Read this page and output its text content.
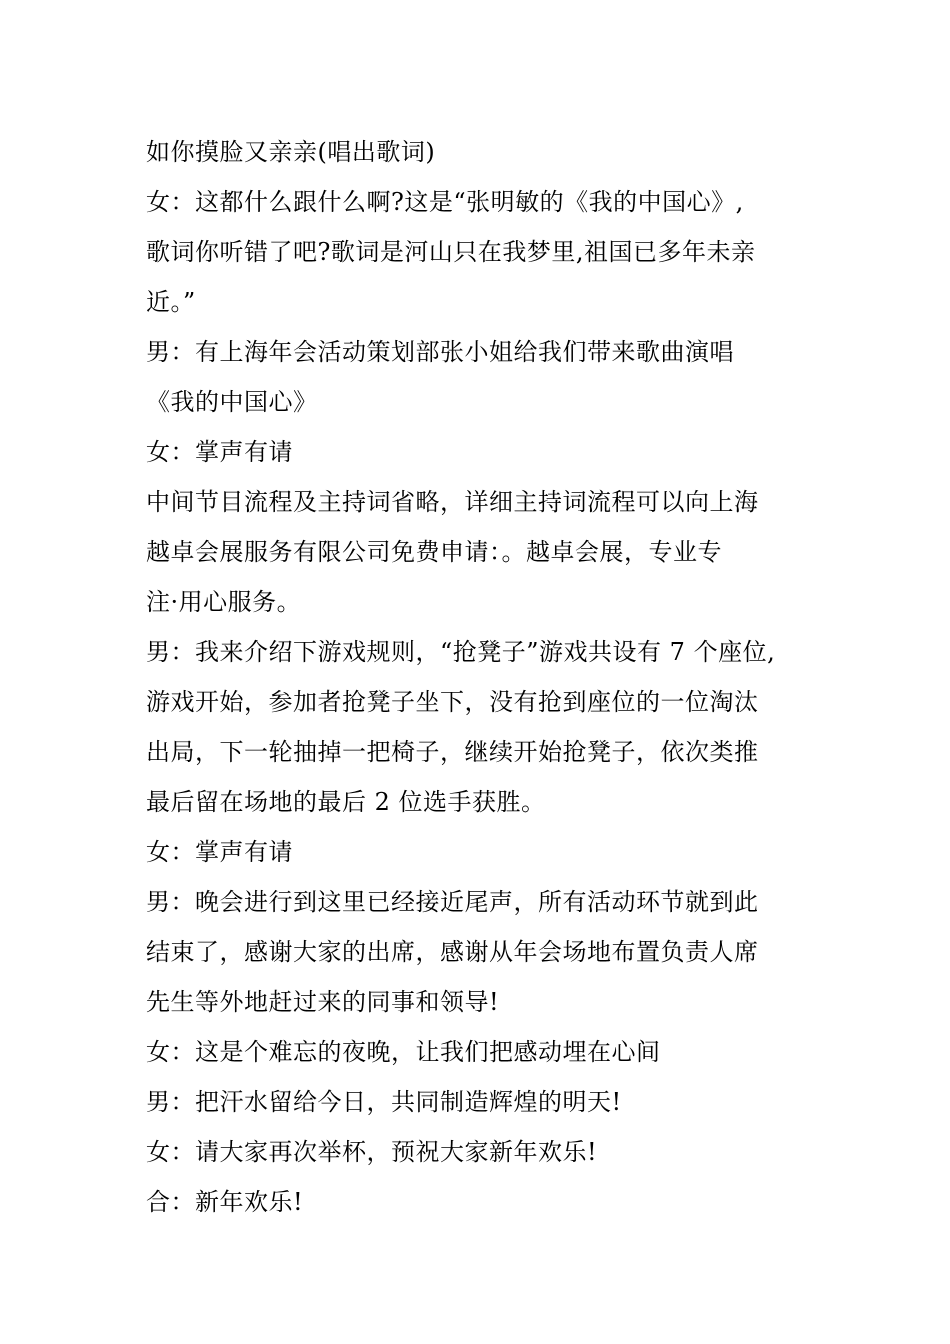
如你摸脸又亲亲(唱出歌词)
女：这都什么跟什么啊?这是“张明敏的《我的中国心》,
歌词你听错了吧?歌词是河山只在我梦里,祖国已多年未亲
近。”
男：有上海年会活动策划部张小姐给我们带来歌曲演唱
《我的中国心》
女：掌声有请
中间节目流程及主持词省略，详细主持词流程可以向上海
越卓会展服务有限公司免费申请：。越卓会展，专业专
注·用心服务。
男：我来介绍下游戏规则，“抢凳子”游戏共设有 7 个座位,
游戏开始，参加者抢凳子坐下，没有抢到座位的一位淘汰
出局，下一轮抽掉一把椅子，继续开始抢凳子，依次类推
最后留在场地的最后 2 位选手获胜。
女：掌声有请
男：晚会进行到这里已经接近尾声，所有活动环节就到此
结束了，感谢大家的出席，感谢从年会场地布置负责人席
先生等外地赶过来的同事和领导!
女：这是个难忘的夜晚，让我们把感动埋在心间
男：把汗水留给今日，共同制造辉煌的明天!
女：请大家再次举杯，预祝大家新年欢乐!
合：新年欢乐!
